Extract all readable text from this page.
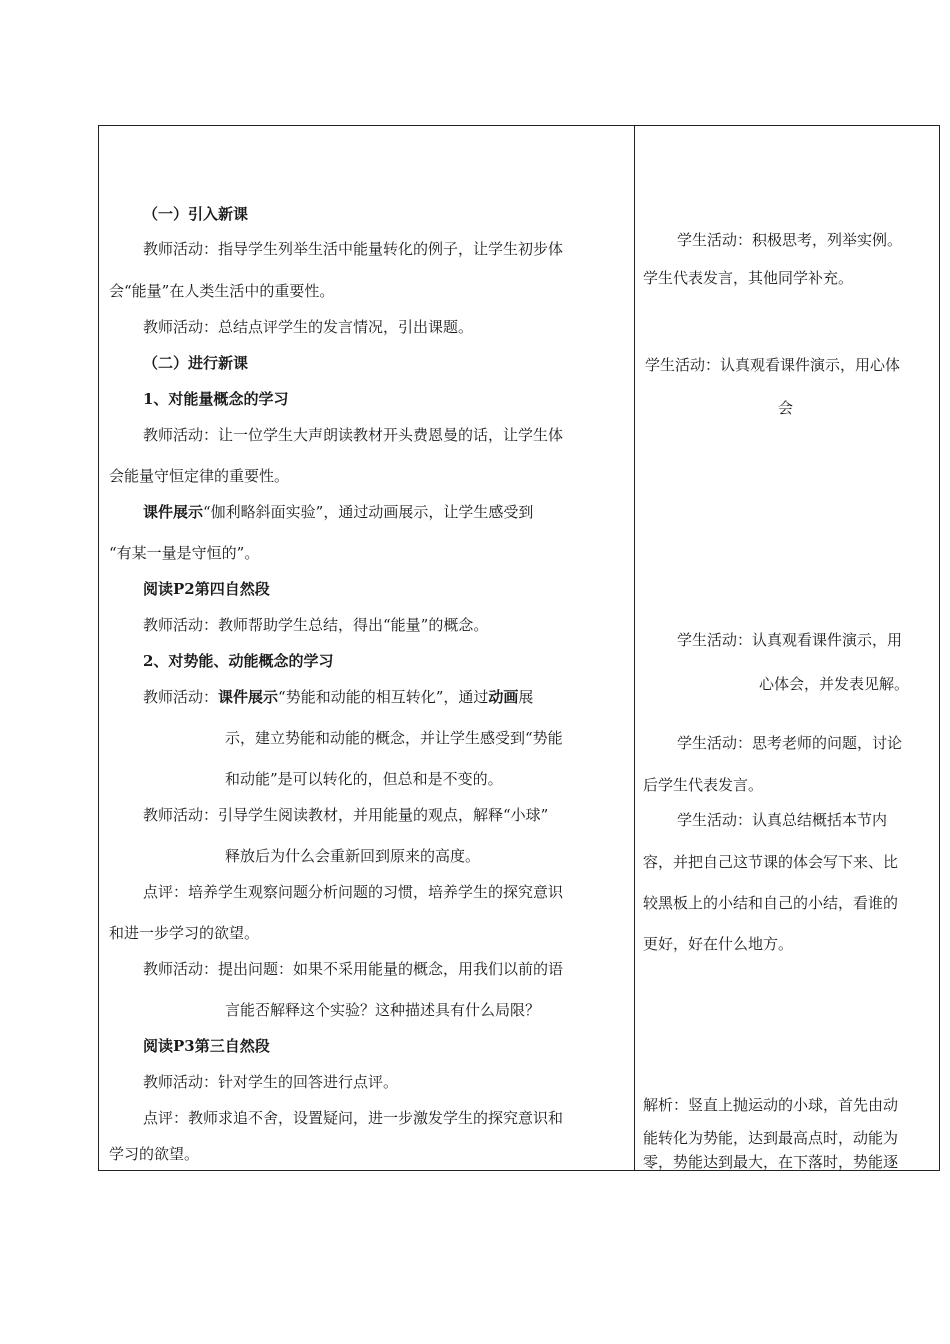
（一）引入新课
教师活动：指导学生列举生活中能量转化的例子，让学生初步体
会“能量”在人类生活中的重要性。
教师活动：总结点评学生的发言情况，引出课题。
（二）进行新课
1、对能量概念的学习
教师活动：让一位学生大声朗读教材开头费恩曼的话，让学生体
会能量守恒定律的重要性。
课件展示“伽利略斜面实验”，通过动画展示，让学生感受到
“有某一量是守恒的”。
阅读P2第四自然段
教师活动：教师帮助学生总结，得出“能量”的概念。
2、对势能、动能概念的学习
教师活动：课件展示“势能和动能的相互转化”，通过动画展
示，建立势能和动能的概念，并让学生感受到“势能
和动能”是可以转化的，但总和是不变的。
教师活动：引导学生阅读教材，并用能量的观点，解释“小球”
释放后为什么会重新回到原来的高度。
点评：培养学生观察问题分析问题的习惯，培养学生的探究意识
和进一步学习的欲望。
教师活动：提出问题：如果不采用能量的概念，用我们以前的语
言能否解释这个实验？这种描述具有什么局限？
阅读P3第三自然段
教师活动：针对学生的回答进行点评。
点评：教师求追不舍，设置疑问，进一步激发学生的探究意识和
学习的欲望。
学生活动：积极思考，列举实例。
学生代表发言，其他同学补充。
学生活动：认真观看课件演示，用心体
会
学生活动：认真观看课件演示，用
心体会，并发表见解。
学生活动：思考老师的问题，讨论
后学生代表发言。
学生活动：认真总结概括本节内
容，并把自己这节课的体会写下来、比
较黑板上的小结和自己的小结，看谁的
更好，好在什么地方。
解析：竖直上抛运动的小球，首先由动
能转化为势能，达到最高点时，动能为
零，势能达到最大，在下落时，势能逐
